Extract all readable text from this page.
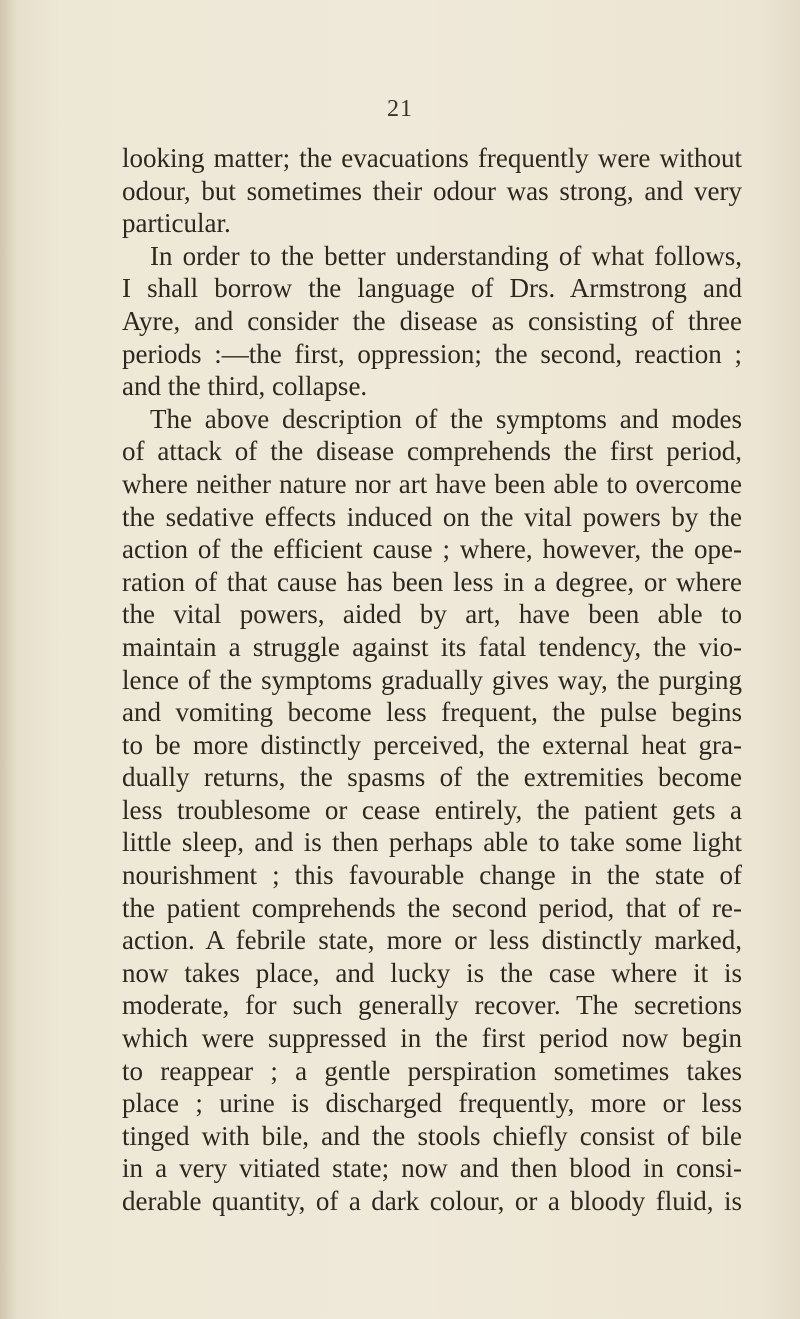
21
looking matter; the evacuations frequently were without
odour, but sometimes their odour was strong, and very
particular.
In order to the better understanding of what follows,
I shall borrow the language of Drs. Armstrong and
Ayre, and consider the disease as consisting of three
periods :—the first, oppression; the second, reaction ;
and the third, collapse.
The above description of the symptoms and modes
of attack of the disease comprehends the first period,
where neither nature nor art have been able to overcome
the sedative effects induced on the vital powers by the
action of the efficient cause ; where, however, the ope-
ration of that cause has been less in a degree, or where
the vital powers, aided by art, have been able to
maintain a struggle against its fatal tendency, the vio-
lence of the symptoms gradually gives way, the purging
and vomiting become less frequent, the pulse begins
to be more distinctly perceived, the external heat gra-
dually returns, the spasms of the extremities become
less troublesome or cease entirely, the patient gets a
little sleep, and is then perhaps able to take some light
nourishment ; this favourable change in the state of
the patient comprehends the second period, that of re-
action. A febrile state, more or less distinctly marked,
now takes place, and lucky is the case where it is
moderate, for such generally recover. The secretions
which were suppressed in the first period now begin
to reappear ; a gentle perspiration sometimes takes
place ; urine is discharged frequently, more or less
tinged with bile, and the stools chiefly consist of bile
in a very vitiated state; now and then blood in consi-
derable quantity, of a dark colour, or a bloody fluid, is
